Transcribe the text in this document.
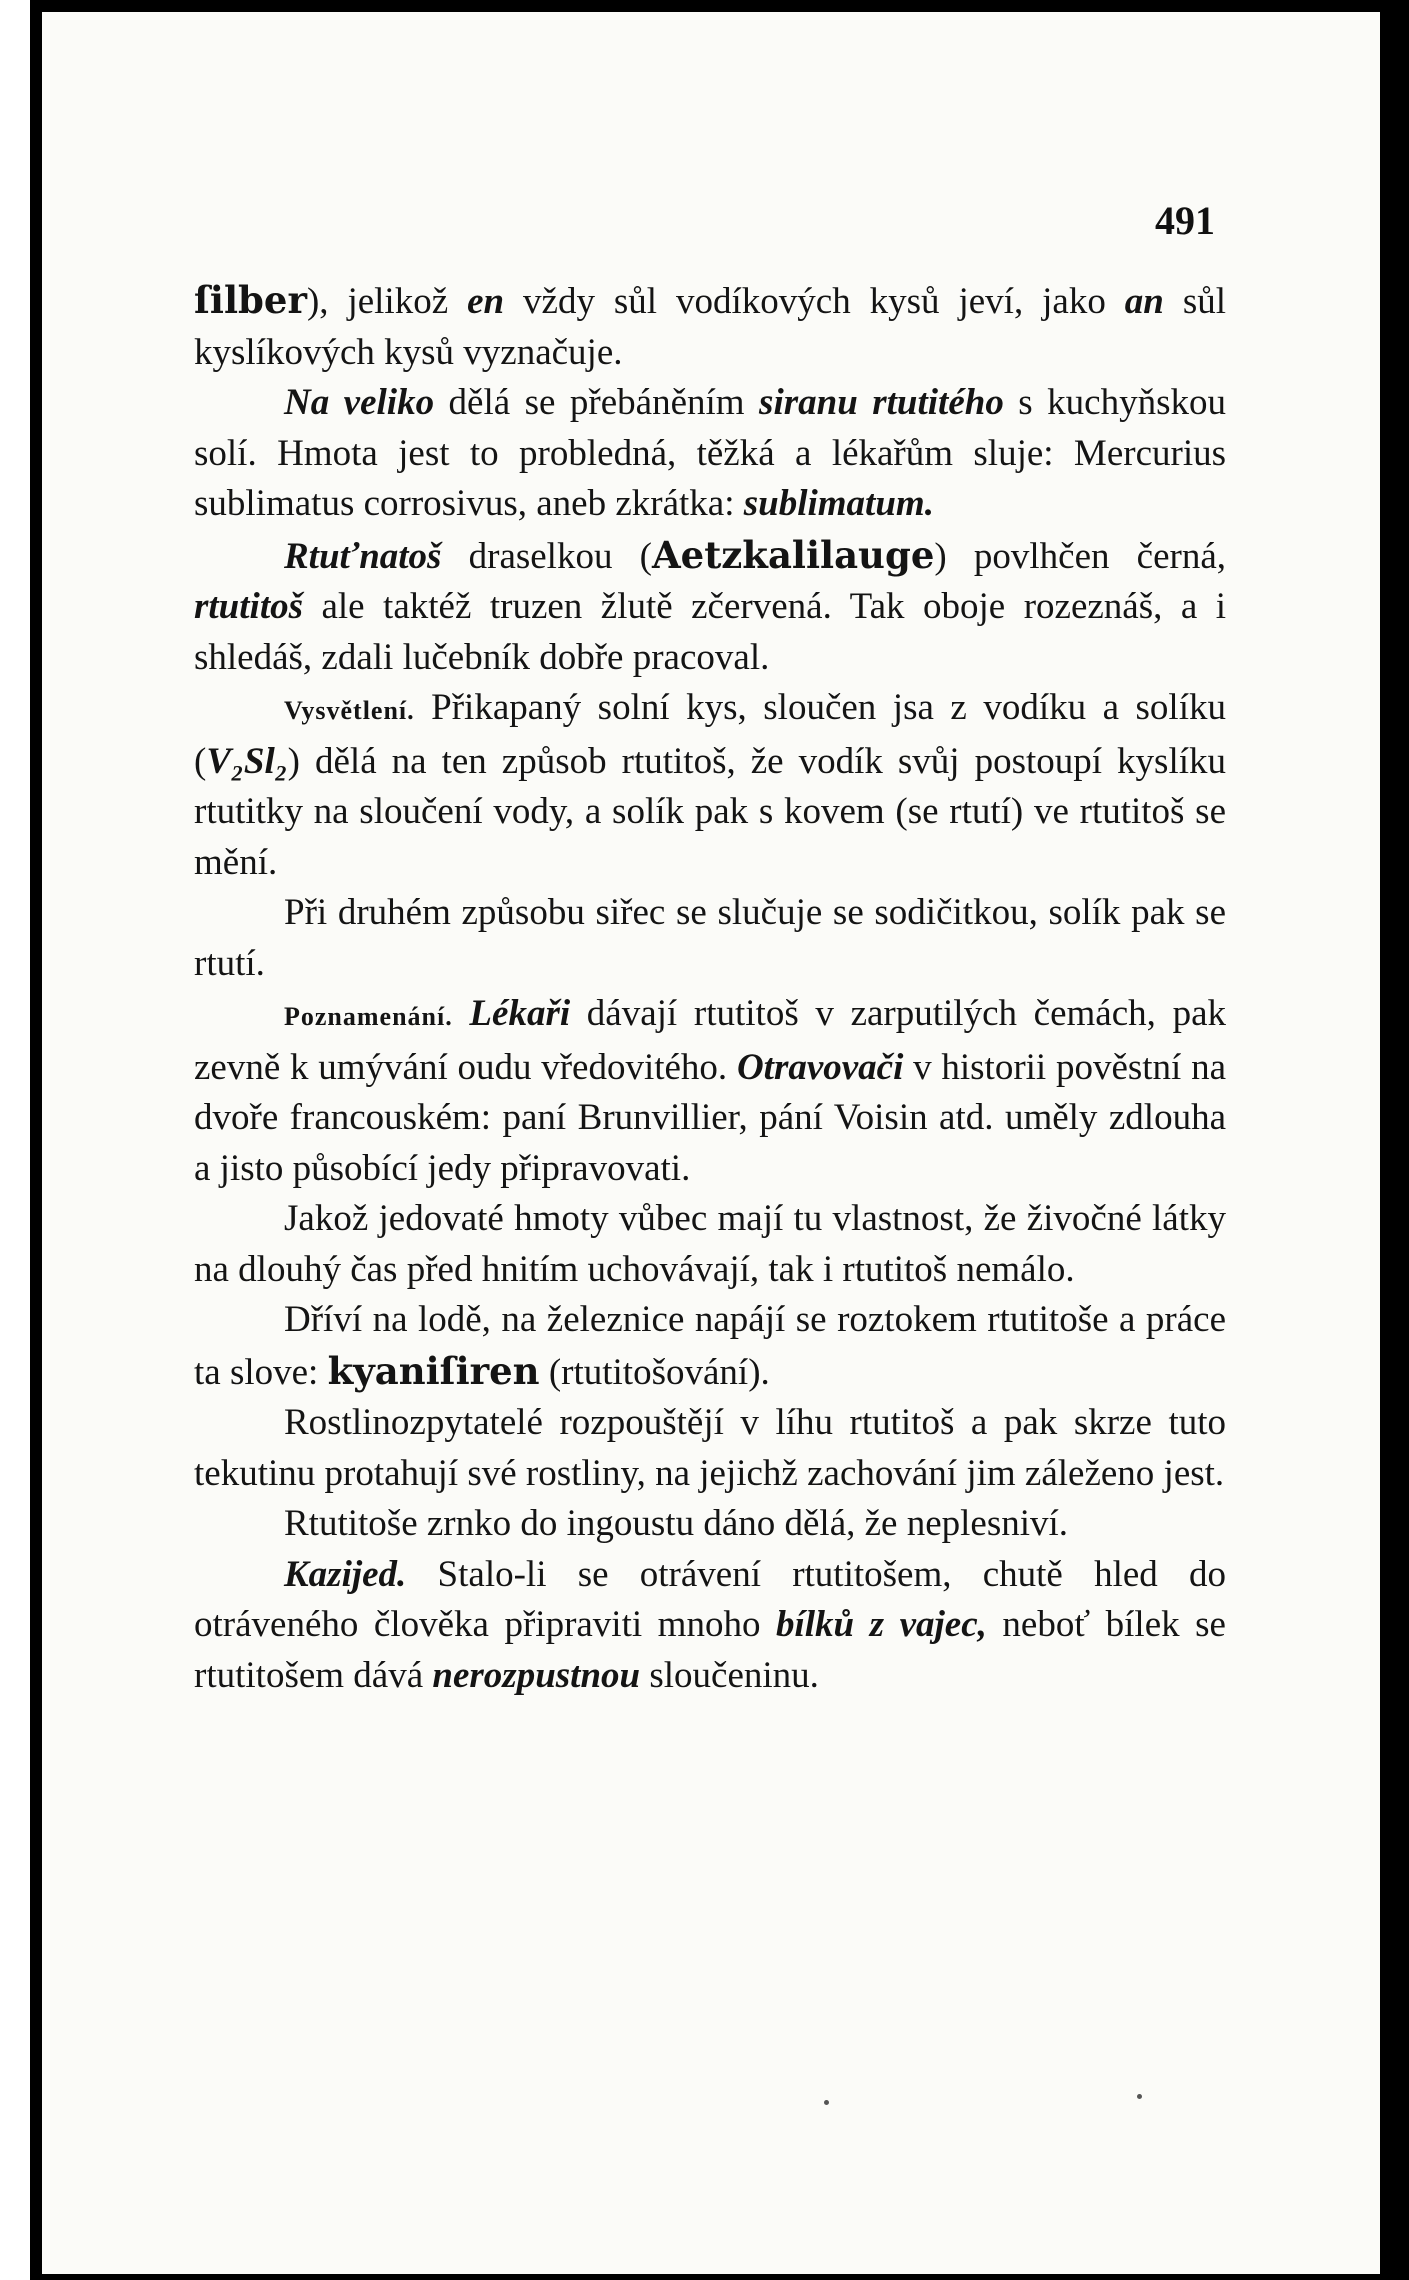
491

ſilber), jelikož en vždy sůl vodíkových kysů jeví, jako an sůl kyslíkových kysů vyznačuje.

Na veliko dělá se přebáněním siranu rtutitého s kuchyňskou solí. Hmota jest to probledná, těžká a lékařům sluje: Mercurius sublimatus corrosivus, aneb zkrátka: sublimatum.

Rtuťnatoš draselkou (Aetzkalilauge) povlhčen černá, rtutitoš ale taktéž truzen žlutě zčervená. Tak oboje rozeznáš, a i shledáš, zdali lučebník dobře pracoval.

Vysvětlení. Přikapaný solní kys, sloučen jsa z vodíku a solíku (V₂Sl₂) dělá na ten způsob rtutitoš, že vodík svůj postoupí kyslíku rtutitky na sloučení vody, a solík pak s kovem (se rtutí) ve rtutitoš se mění.

Při druhém způsobu siřec se slučuje se sodičitkou, solík pak se rtutí.

Poznamenání. Lékaři dávají rtutitoš v zarputilých čemách, pak zevně k umývání oudu vředovitého. Otravovači v historii pověstní na dvoře francouském: paní Brunvillier, pání Voisin atd. uměly zdlouha a jisto působící jedy připravovati.

Jakož jedovaté hmoty vůbec mají tu vlastnost, že živočné látky na dlouhý čas před hnitím uchovávají, tak i rtutitoš nemálo.

Dříví na lodě, na železnice napájí se roztokem rtutitoše a práce ta slove: kyaniſiren (rtutitošování).

Rostlinozpytatelé rozpouštějí v líhu rtutitoš a pak skrze tuto tekutinu protahují své rostliny, na jejichž zachování jim záleženo jest.

Rtutitoše zrnko do ingoustu dáno dělá, že neplesniví.

Kazijed. Stalo-li se otrávení rtutitošem, chutě hled do otráveného člověka připraviti mnoho bílků z vajec, neboť bílek se rtutitošem dává nerozpustnou sloučeninu.
